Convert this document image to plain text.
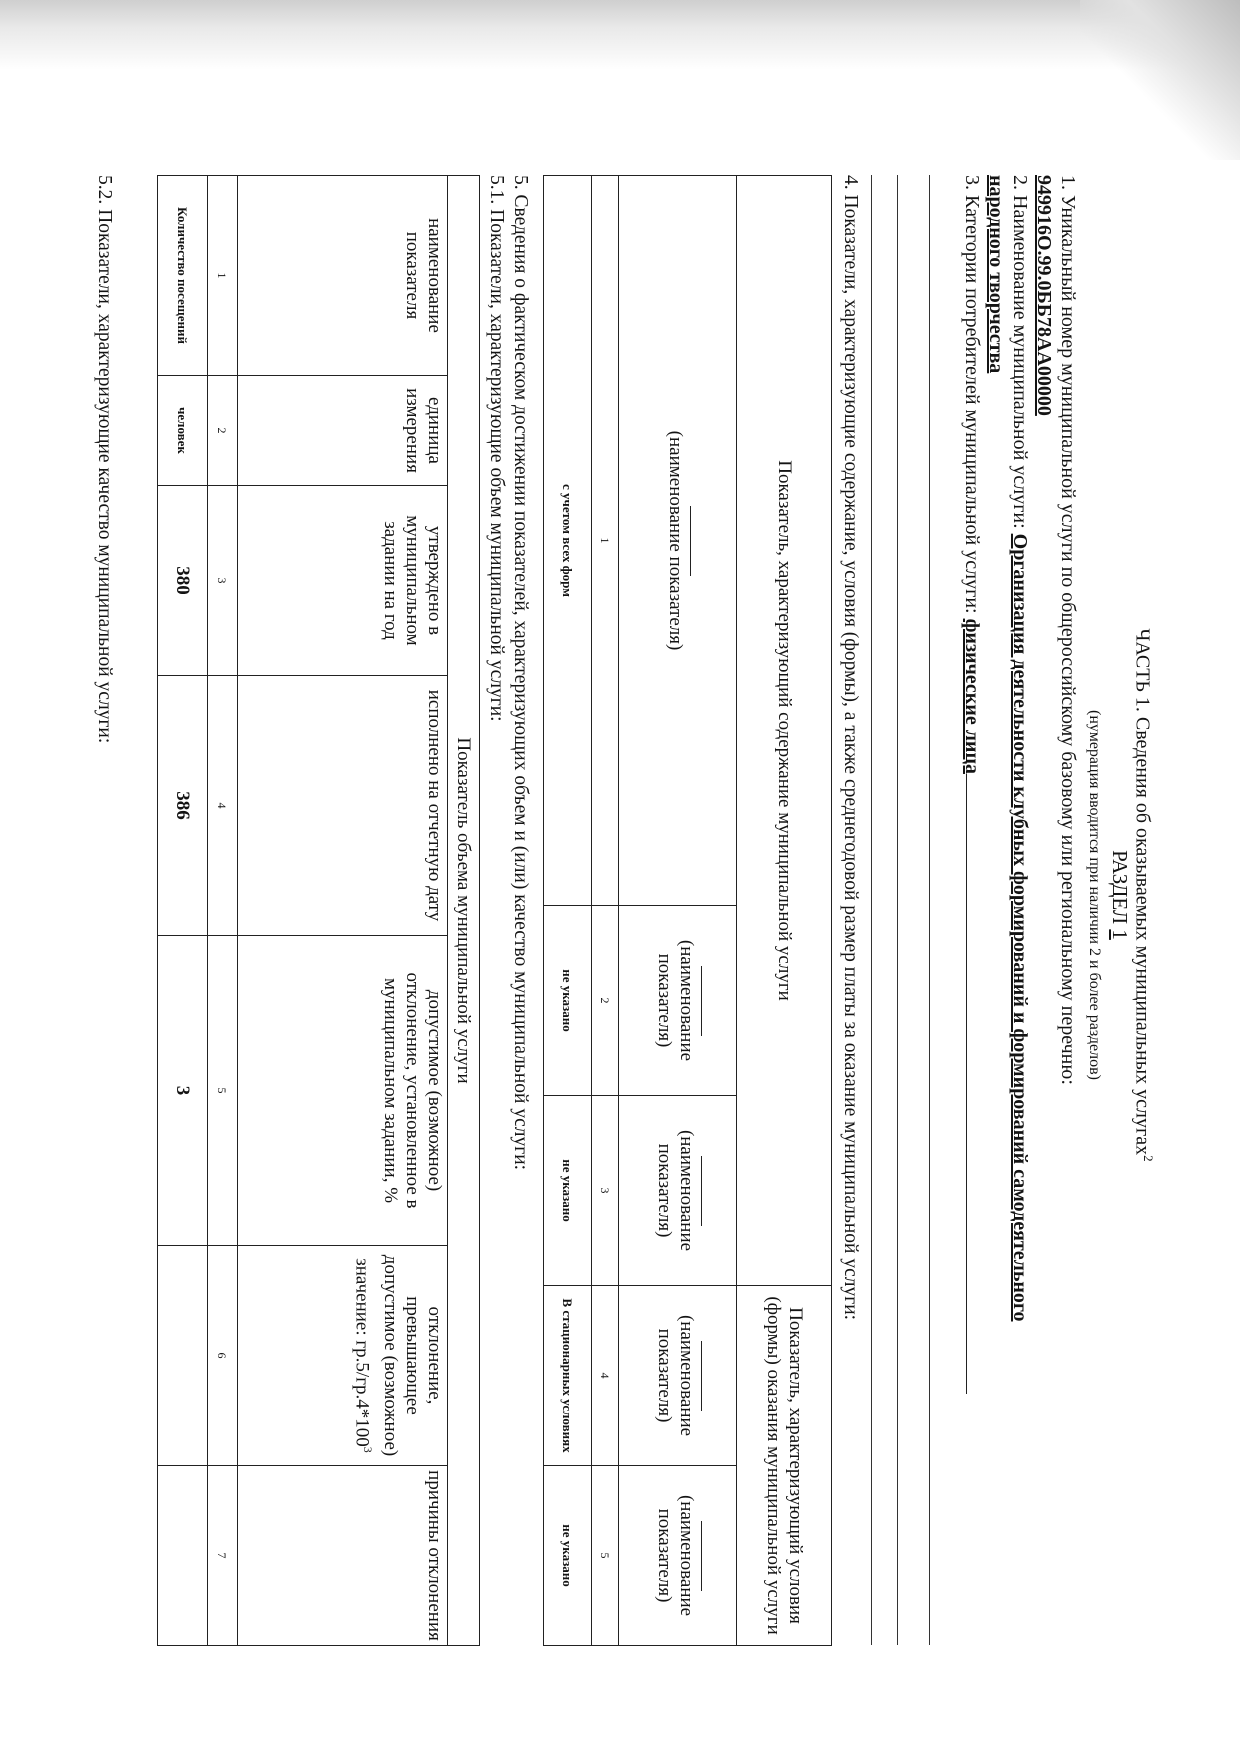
ЧАСТЬ 1. Сведения об оказываемых муниципальных услугах$^2$
РАЗДЕЛ 1
(нумерация вводится при наличии 2 и более разделов)
1. Уникальный номер муниципальной услуги по общероссийскому базовому или региональному перечню:
949916О.99.0ББ78АА00000
2. Наименование муниципальной услуги: Организация деятельности клубных формирований и формирований самодеятельного
народного творчества
3. Категории потребителей муниципальной услуги: физические лица
4. Показатели, характеризующие содержание, условия (формы), а также среднегодовой размер платы за оказание муниципальной услуги:
Показатель, характеризующий содержание муниципальной услуги			Показатель, характеризующий условия (формы) оказания муниципальной услуги	

(наименование показателя)	(наименование показателя)	(наименование показателя)	(наименование показателя)	(наименование показателя)
1	2	3	4	5
с учетом всех форм	не указано	не указано	В стационарных условиях	не указано
5. Сведения о фактическом достижении показателей, характеризующих объем и (или) качество муниципальной услуги:
5.1. Показатели, характеризующие объем муниципальной услуги:
Показатель объема муниципальной услуги						
наименование показателя	единица измерения	утверждено в муниципальном задании на год	исполнено на отчетную дату	допустимое (возможное) отклонение, установленное в муниципальном задании, %	отклонение, превышающее допустимое (возможное) значение: $гр.5/гр.4*100^3$	причины отклонения
1	2	3	4	5	6	7
Количество посещений	человек	380	386	3		
5.2. Показатели, характеризующие качество муниципальной услуги:
